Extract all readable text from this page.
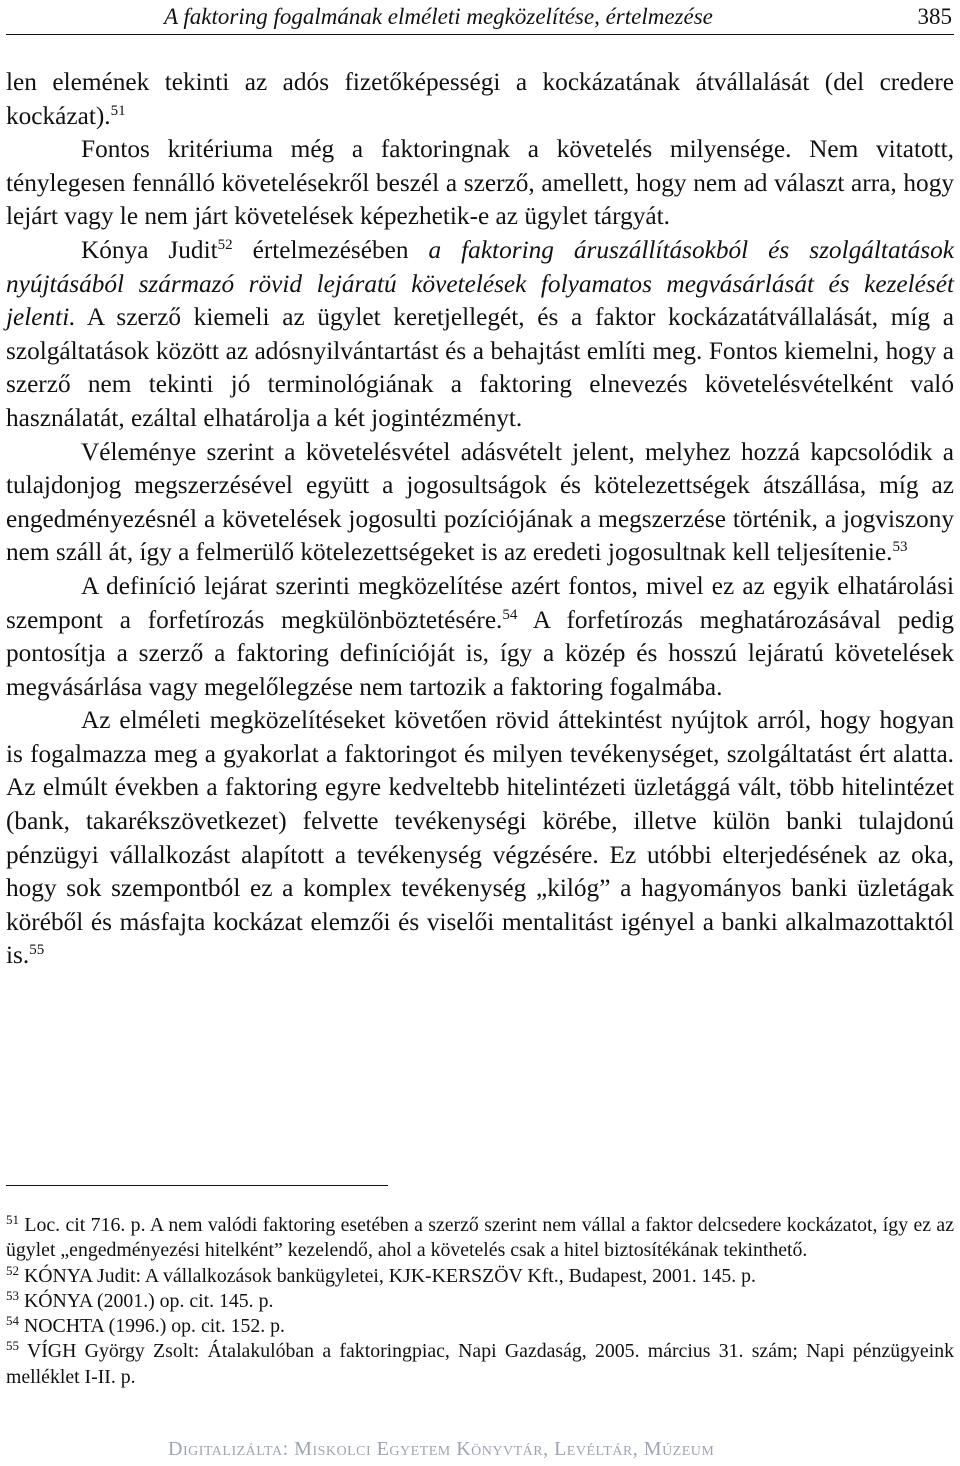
A faktoring fogalmának elméleti megközelítése, értelmezése	385

len elemének tekinti az adós fizetőképességi a kockázatának átvállalását (del credere kockázat).$^{51}$

Fontos kritériuma még a faktoringnak a követelés milyensége. Nem vitatott, ténylegesen fennálló követelésekről beszél a szerző, amellett, hogy nem ad választ arra, hogy lejárt vagy le nem járt követelések képezhetik-e az ügylet tárgyát.

Kónya Judit$^{52}$ értelmezésében a faktoring áruszállításokból és szolgáltatások nyújtásából származó rövid lejáratú követelések folyamatos megvásárlását és kezelését jelenti. A szerző kiemeli az ügylet keretjellegét, és a faktor kockázatátvállalását, míg a szolgáltatások között az adósnyilvántartást és a behajtást említi meg. Fontos kiemelni, hogy a szerző nem tekinti jó terminológiának a faktoring elnevezés követelésvételként való használatát, ezáltal elhatárolja a két jogintézményt.

Véleménye szerint a követelésvétel adásvételt jelent, melyhez hozzá kapcsolódik a tulajdonjog megszerzésével együtt a jogosultságok és kötelezettségek átszállása, míg az engedményezésnél a követelések jogosulti pozíciójának a megszerzése történik, a jogviszony nem száll át, így a felmerülő kötelezettségeket is az eredeti jogosultnak kell teljesítenie.$^{53}$

A definíció lejárat szerinti megközelítése azért fontos, mivel ez az egyik elhatárolási szempont a forfetírozás megkülönböztetésére.$^{54}$ A forfetírozás meghatározásával pedig pontosítja a szerző a faktoring definícióját is, így a közép és hosszú lejáratú követelések megvásárlása vagy megelőlegzése nem tartozik a faktoring fogalmába.

Az elméleti megközelítéseket követően rövid áttekintést nyújtok arról, hogy hogyan is fogalmazza meg a gyakorlat a faktoringot és milyen tevékenységet, szolgáltatást ért alatta. Az elmúlt években a faktoring egyre kedveltebb hitelintézeti üzletággá vált, több hitelintézet (bank, takarékszövetkezet) felvette tevékenységi körébe, illetve külön banki tulajdonú pénzügyi vállalkozást alapított a tevékenység végzésére. Ez utóbbi elterjedésének az oka, hogy sok szempontból ez a komplex tevékenység „kilóg” a hagyományos banki üzletágak köréből és másfajta kockázat elemzői és viselői mentalitást igényel a banki alkalmazottaktól is.$^{55}$

$^{51}$ Loc. cit 716. p. A nem valódi faktoring esetében a szerző szerint nem vállal a faktor delcsedere kockázatot, így ez az ügylet „engedményezési hitelként” kezelendő, ahol a követelés csak a hitel biztosítékának tekinthető.

$^{52}$ KÓNYA Judit: A vállalkozások bankügyletei, KJK-KERSZÖV Kft., Budapest, 2001. 145. p.

$^{53}$ KÓNYA (2001.) op. cit. 145. p.

$^{54}$ NOCHTA (1996.) op. cit. 152. p.

$^{55}$ VÍGH György Zsolt: Átalakulóban a faktoringpiac, Napi Gazdaság, 2005. március 31. szám; Napi pénzügyeink melléklet I-II. p.

Digitalizálta: Miskolci Egyetem Könyvtár, Levéltár, Múzeum
